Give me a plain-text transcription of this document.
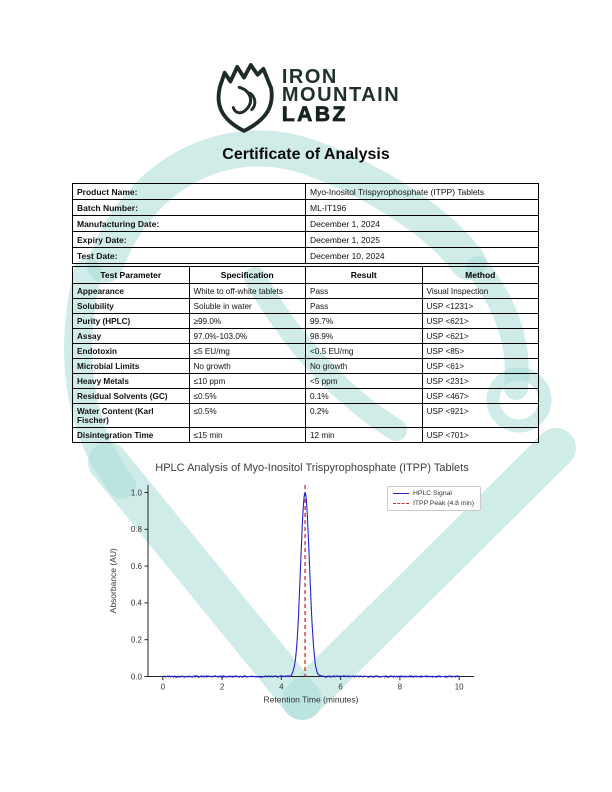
IRON
MOUNTAIN
LABZ
Certificate of Analysis
Product Name:	Myo-Inositol Trispyrophosphate (ITPP) Tablets
Batch Number:	ML-IT196
Manufacturing Date:	December 1, 2024
Expiry Date:	December 1, 2025
Test Date:	December 10, 2024
Test Parameter	Specification	Result	Method
Appearance	White to off-white tablets	Pass	Visual Inspection
Solubility	Soluble in water	Pass	USP <1231>
Purity (HPLC)	≥99.0%	99.7%	USP <621>
Assay	97.0%-103.0%	98.9%	USP <621>
Endotoxin	≤5 EU/mg	<0.5 EU/mg	USP <85>
Microbial Limits	No growth	No growth	USP <61>
Heavy Metals	≤10 ppm	<5 ppm	USP <231>
Residual Solvents (GC)	≤0.5%	0.1%	USP <467>
Water Content (Karl Fischer)	≤0.5%	0.2%	USP <921>
Disintegration Time	≤15 min	12 min	USP <701>
HPLC Analysis of Myo-Inositol Trispyrophosphate (ITPP) Tablets
0	2	4	6	8	10
0.0
0.2
0.4
0.6
0.8
1.0
Retention Time (minutes)
Absorbance (AU)
HPLC Signal
ITPP Peak (4.8 min)
